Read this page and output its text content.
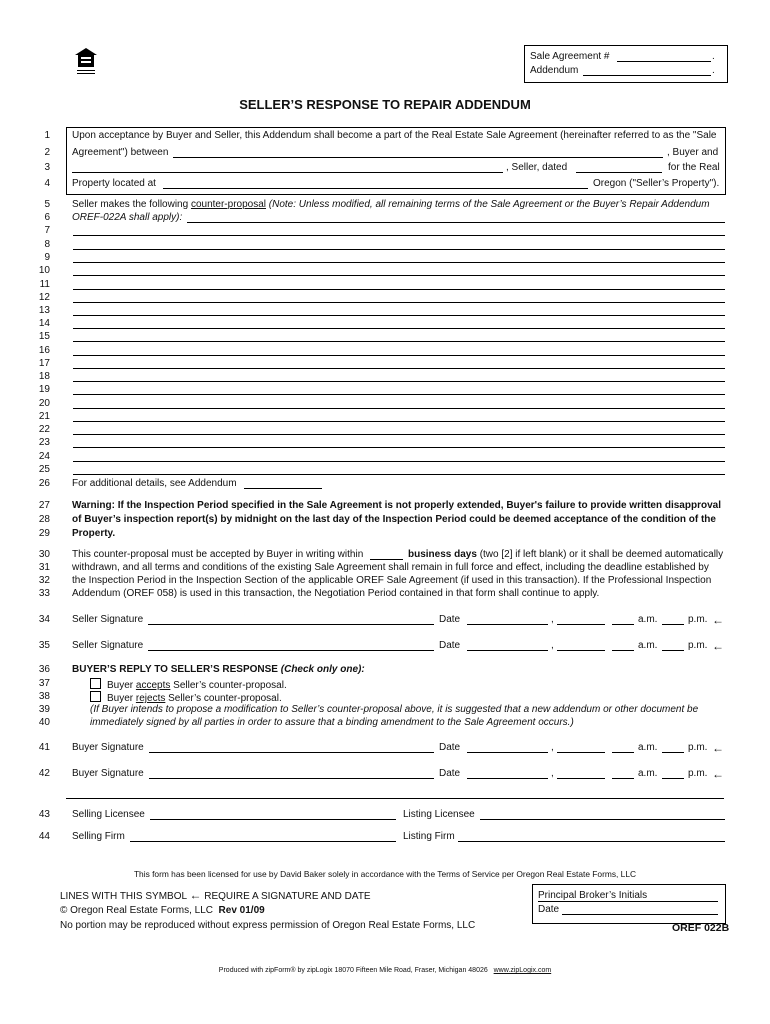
Sale Agreement #	.
Addendum	.
SELLER’S RESPONSE TO REPAIR ADDENDUM
1
2
3
4
5
6
7
8
9
10
11
12
13
14
15
16
17
18
19
20
21
22
23
24
25
26
27
28
29
30
31
32
33
34
35
36
37
38
39
40
41
42
43
44
Upon acceptance by Buyer and Seller, this Addendum shall become a part of the Real Estate Sale Agreement (hereinafter referred to as the "Sale
Agreement") between	, Buyer and
, Seller, dated	for the Real
Property located at	Oregon ("Seller’s Property").
Seller makes the following counter-proposal (Note: Unless modified, all remaining terms of the Sale Agreement or the Buyer’s Repair Addendum
OREF-022A shall apply):
For additional details, see Addendum
Warning: If the Inspection Period specified in the Sale Agreement is not properly extended, Buyer's failure to provide written disapproval
of Buyer’s inspection report(s) by midnight on the last day of the Inspection Period could be deemed acceptance of the condition of the
Property.
This counter-proposal must be accepted by Buyer in writing within	business days (two [2] if left blank) or it shall be deemed automatically
withdrawn, and all terms and conditions of the existing Sale Agreement shall remain in full force and effect, including the deadline established by
the Inspection Period in the Inspection Section of the applicable OREF Sale Agreement (if used in this transaction). If the Professional Inspection
Addendum (OREF 058) is used in this transaction, the Negotiation Period contained in that form shall continue to apply.
Seller Signature	Date	,	a.m.	p.m. ←
Seller Signature	Date	,	a.m.	p.m. ←
Buyer Signature	Date	,	a.m.	p.m. ←
Buyer Signature	Date	,	a.m.	p.m. ←
BUYER’S REPLY TO SELLER’S RESPONSE (Check only one):
Buyer accepts Seller’s counter-proposal.
Buyer rejects Seller’s counter-proposal.
(If Buyer intends to propose a modification to Seller’s counter-proposal above, it is suggested that a new addendum or other document be
immediately signed by all parties in order to assure that a binding amendment to the Sale Agreement occurs.)
Selling Licensee	Listing Licensee
Selling Firm	Listing Firm
This form has been licensed for use by David Baker solely in accordance with the Terms of Service per Oregon Real Estate Forms, LLC
LINES WITH THIS SYMBOL ← REQUIRE A SIGNATURE AND DATE
© Oregon Real Estate Forms, LLC Rev 01/09
No portion may be reproduced without express permission of Oregon Real Estate Forms, LLC
Principal Broker’s Initials
Date
OREF 022B
Produced with zipForm® by zipLogix 18070 Fifteen Mile Road, Fraser, Michigan 48026 www.zipLogix.com
